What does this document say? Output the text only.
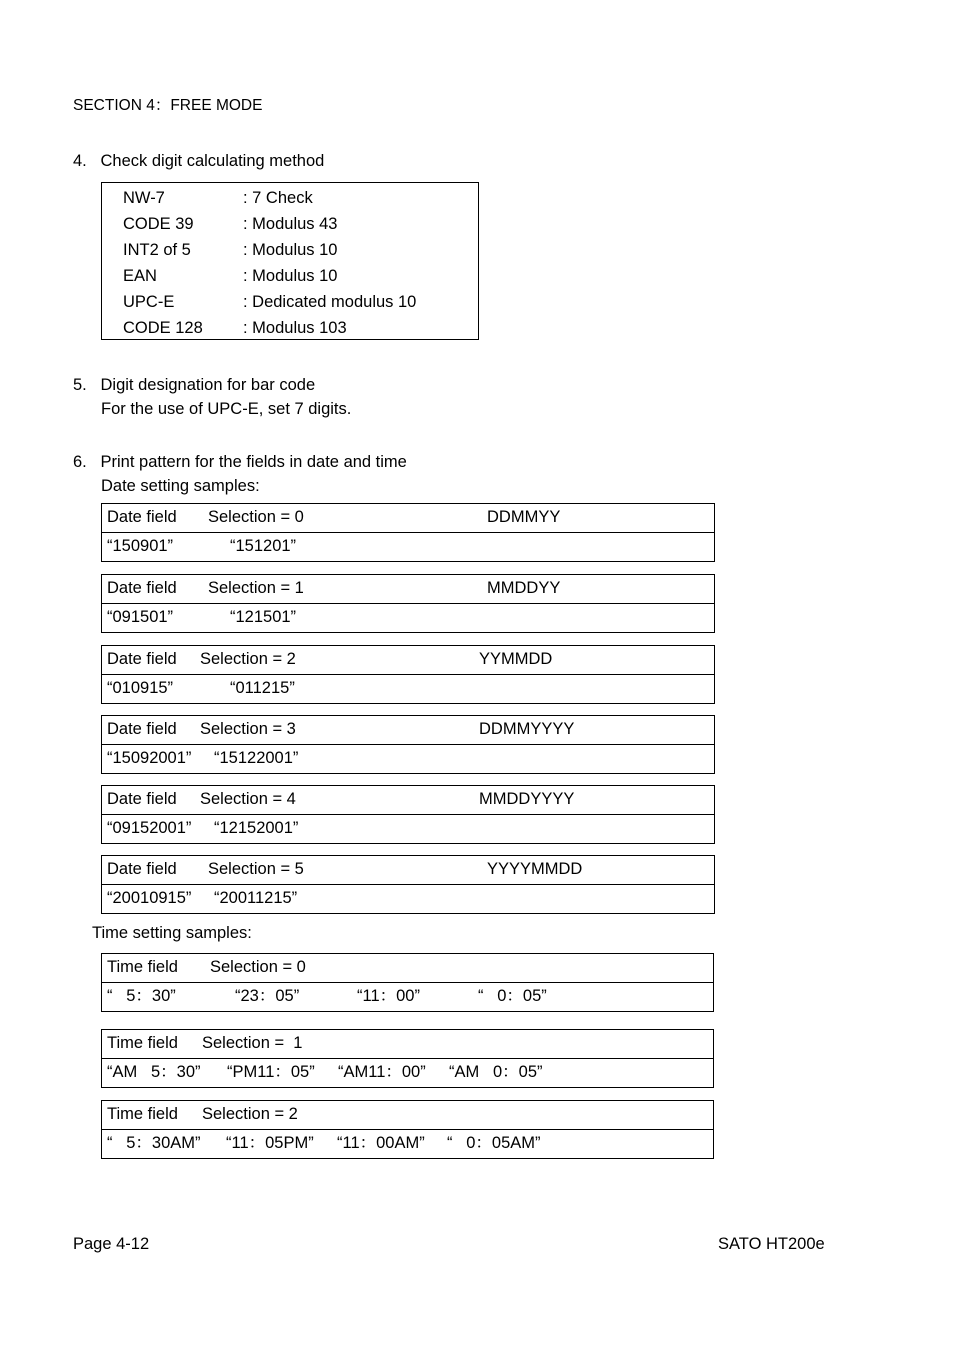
SECTION 4：FREE MODE
4.   Check digit calculating method
NW-7	: 7 Check
CODE 39	: Modulus 43
INT2 of 5	: Modulus 10
EAN	: Modulus 10
UPC-E	: Dedicated modulus 10
CODE 128 : Modulus 103
5.   Digit designation for bar code
For the use of UPC-E, set 7 digits.
6.   Print pattern for the fields in date and time
Date setting samples:
Date field Selection = 0	DDMMYY
“150901”	“151201”
Date field Selection = 1	MMDDYY
“091501”	“121501”
Date field Selection = 2	YYMMDD
“010915”	“011215”
Date field Selection = 3	DDMMYYYY
“15092001” “15122001”
Date field Selection = 4	MMDDYYYY
“09152001” “12152001”
Date field Selection = 5	YYYYMMDD
“20010915” “20011215”
Time setting samples:
Time field Selection = 0
“   5：30”	“23：05”	“11：00”	“   0：05”
Time field Selection =  1
“AM   5：30” “PM11：05” “AM11：00” “AM   0：05”
Time field Selection = 2
“   5：30AM” “11：05PM” “11：00AM” “   0：05AM”
Page 4-12	SATO HT200e
